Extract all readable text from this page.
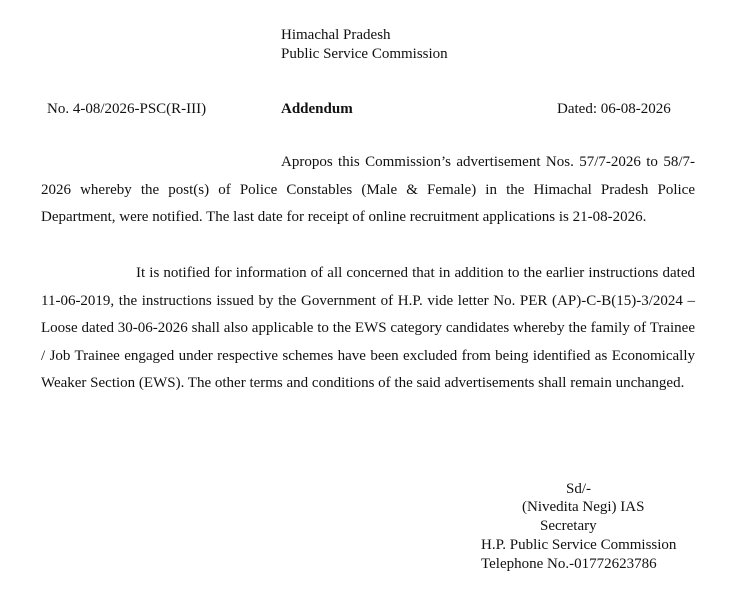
Himachal Pradesh
Public Service Commission
No. 4-08/2026-PSC(R-III)	Addendum	Dated: 06-08-2026
Apropos this Commission’s advertisement Nos. 57/7-2026 to 58/7-2026 whereby the post(s) of Police Constables (Male & Female) in the Himachal Pradesh Police Department, were notified. The last date for receipt of online recruitment applications is 21-08-2026.
It is notified for information of all concerned that in addition to the earlier instructions dated 11-06-2019, the instructions issued by the Government of H.P. vide letter No. PER (AP)-C-B(15)-3/2024 – Loose dated 30-06-2026 shall also applicable to the EWS category candidates whereby the family of Trainee / Job Trainee engaged under respective schemes have been excluded from being identified as Economically Weaker Section (EWS). The other terms and conditions of the said advertisements shall remain unchanged.
Sd/-
(Nivedita Negi) IAS
Secretary
H.P. Public Service Commission
Telephone No.-01772623786
